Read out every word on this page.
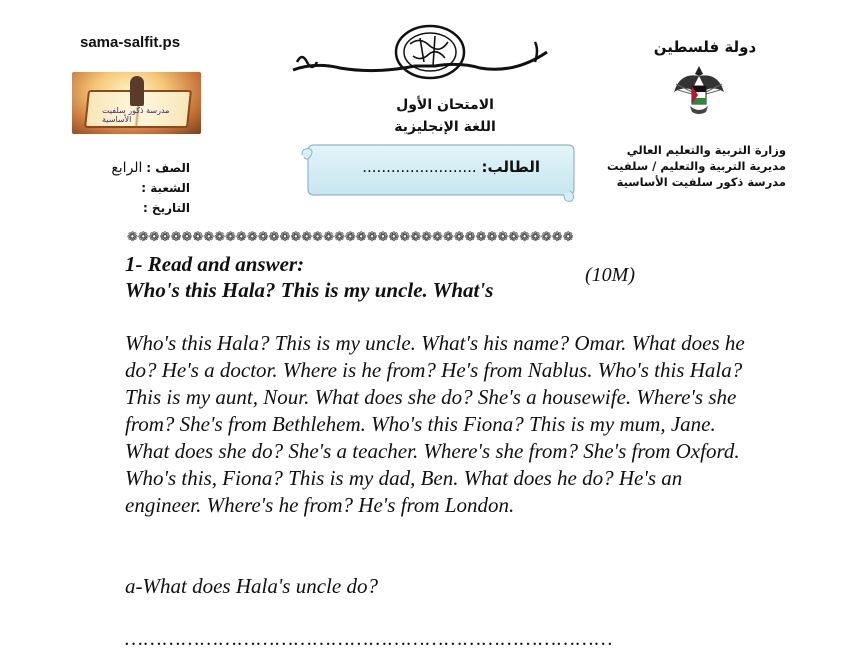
sama-salfit.ps
مدرسة ذكور سلفيت الأساسية
الامتحان الأول
اللغة الإنجليزية
دولة فلسطين
وزارة التربية والتعليم العالي
مديرية التربية والتعليم / سلفيت
مدرسة ذكور سلفيت الأساسية
الطالب: ........................
الصف : الرابع
الشعبة :
التاريخ :
❁❁❁❁❁❁❁❁❁❁❁❁❁❁❁❁❁❁❁❁❁❁❁❁❁❁❁❁❁❁❁❁❁❁❁❁❁❁❁❁❁
1- Read and answer:
Who's this Hala? This is my uncle. What's
(10M)
Who's this Hala? This is my uncle. What's his name? Omar. What does he do? He's a doctor. Where is he from? He's from Nablus. Who's this Hala? This is my aunt, Nour. What does she do? She's a housewife. Where's she from? She's from Bethlehem. Who's this Fiona? This is my mum, Jane. What does she do? She's a teacher. Where's she from? She's from Oxford. Who's this, Fiona? This is my dad, Ben. What does he do? He's an engineer. Where's he from? He's from London.
a-What does Hala's uncle do?
……………………………………………………………………
